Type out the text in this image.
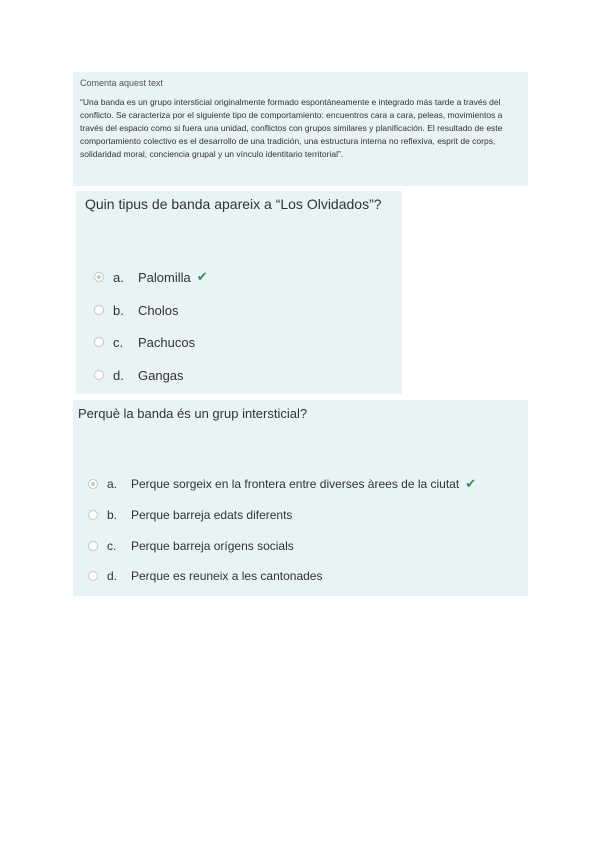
Comenta aquest text

“Una banda es un grupo intersticial originalmente formado espontáneamente e integrado más tarde a través del conflicto. Se caracteriza por el siguiente tipo de comportamiento: encuentros cara a cara, peleas, movimientos a través del espacio como si fuera una unidad, conflictos con grupos similares y planificación. El resultado de este comportamiento colectivo es el desarrollo de una tradición, una estructura interna no reflexiva, esprit de corps, solidaridad moral, conciencia grupal y un vínculo identitario territorial”.

Quin tipus de banda apareix a “Los Olvidados”?

a.	Palomilla ✔
b.	Cholos
c.	Pachucos
d.	Gangas

Perquè la banda és un grup intersticial?

a.	Perque sorgeix en la frontera entre diverses àrees de la ciutat ✔
b.	Perque barreja edats diferents
c.	Perque barreja orígens socials
d.	Perque es reuneix a les cantonades
